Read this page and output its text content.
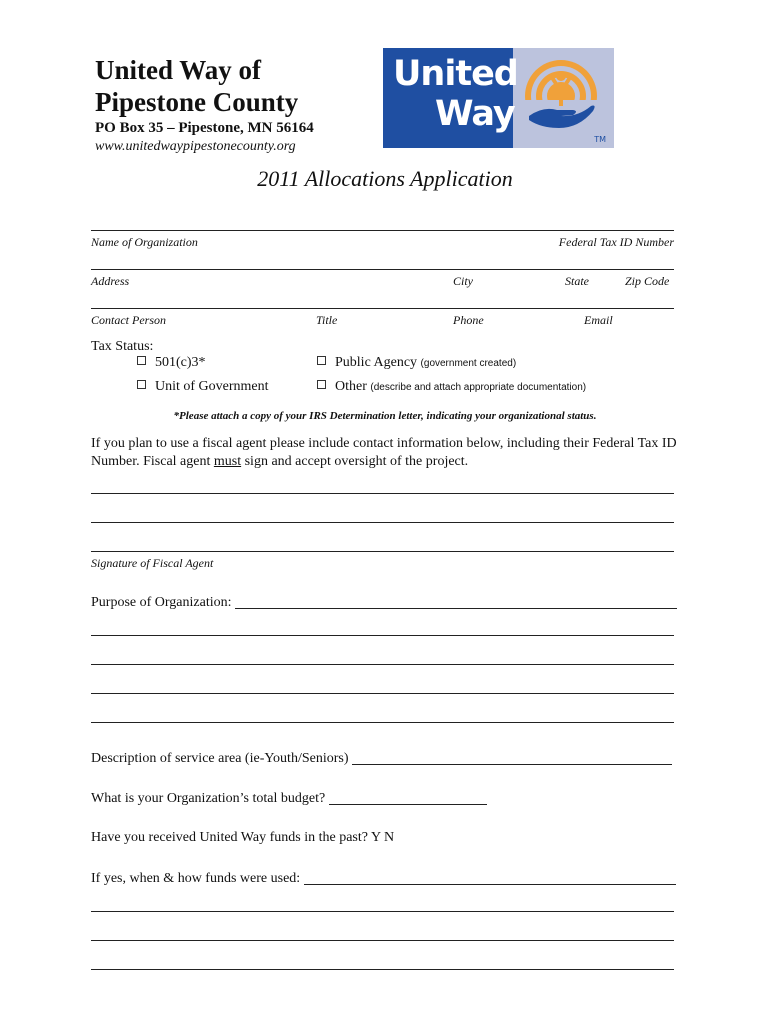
United Way of
Pipestone County
PO Box 35 – Pipestone, MN 56164
www.unitedwaypipestonecounty.org
United
Way
TM
2011 Allocations Application
Name of Organization	Federal Tax ID Number
Address	City	State	Zip Code
Contact Person	Title	Phone	Email
Tax Status:
501(c)3*	Public Agency (government created)
Unit of Government	Other (describe and attach appropriate documentation)
*Please attach a copy of your IRS Determination letter, indicating your organizational status.
If you plan to use a fiscal agent please include contact information below, including their Federal Tax ID Number. Fiscal agent must sign and accept oversight of the project.
Signature of Fiscal Agent
Purpose of Organization:
Description of service area (ie-Youth/Seniors)
What is your Organization’s total budget?
Have you received United Way funds in the past? Y N
If yes, when & how funds were used:
